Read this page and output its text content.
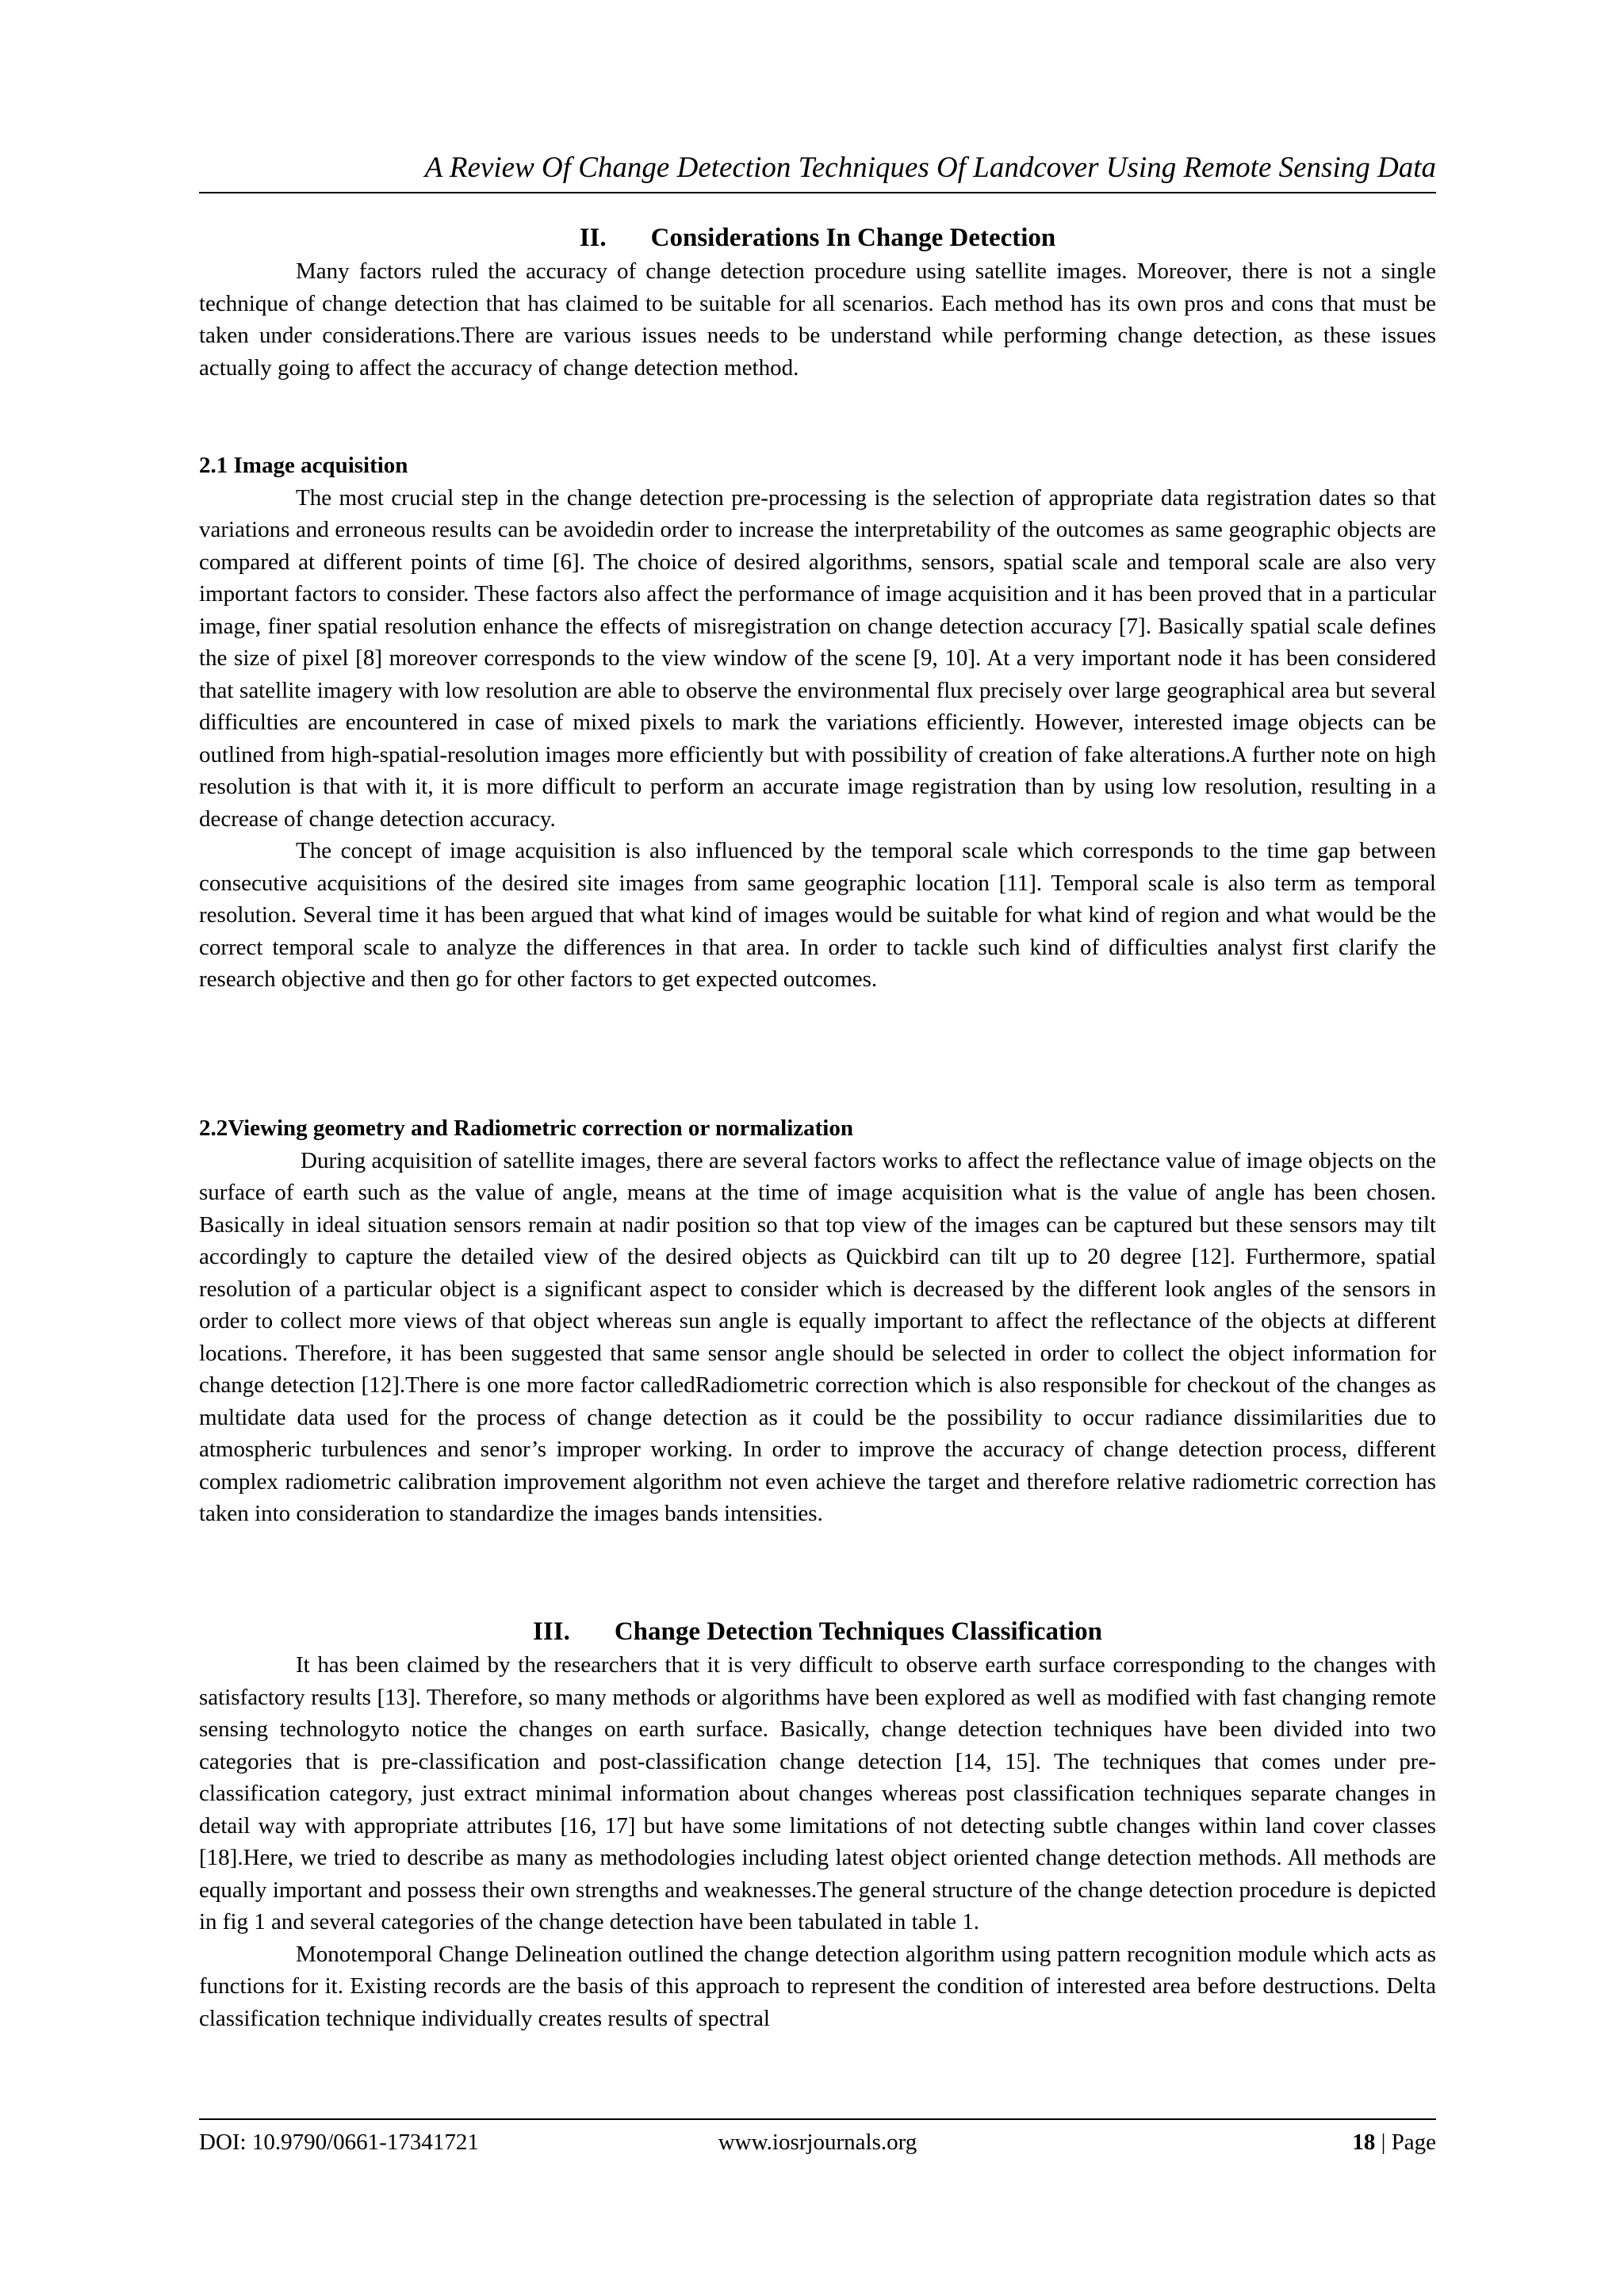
A Review Of Change Detection Techniques Of Landcover Using Remote Sensing Data
II. Considerations In Change Detection

Many factors ruled the accuracy of change detection procedure using satellite images. Moreover, there is not a single technique of change detection that has claimed to be suitable for all scenarios. Each method has its own pros and cons that must be taken under considerations.There are various issues needs to be understand while performing change detection, as these issues actually going to affect the accuracy of change detection method.

2.1 Image acquisition

The most crucial step in the change detection pre-processing is the selection of appropriate data registration dates so that variations and erroneous results can be avoidedin order to increase the interpretability of the outcomes as same geographic objects are compared at different points of time [6]. The choice of desired algorithms, sensors, spatial scale and temporal scale are also very important factors to consider. These factors also affect the performance of image acquisition and it has been proved that in a particular image, finer spatial resolution enhance the effects of misregistration on change detection accuracy [7]. Basically spatial scale defines the size of pixel [8] moreover corresponds to the view window of the scene [9, 10]. At a very important node it has been considered that satellite imagery with low resolution are able to observe the environmental flux precisely over large geographical area but several difficulties are encountered in case of mixed pixels to mark the variations efficiently. However, interested image objects can be outlined from high-spatial-resolution images more efficiently but with possibility of creation of fake alterations.A further note on high resolution is that with it, it is more difficult to perform an accurate image registration than by using low resolution, resulting in a decrease of change detection accuracy.

The concept of image acquisition is also influenced by the temporal scale which corresponds to the time gap between consecutive acquisitions of the desired site images from same geographic location [11]. Temporal scale is also term as temporal resolution. Several time it has been argued that what kind of images would be suitable for what kind of region and what would be the correct temporal scale to analyze the differences in that area. In order to tackle such kind of difficulties analyst first clarify the research objective and then go for other factors to get expected outcomes.

2.2Viewing geometry and Radiometric correction or normalization

During acquisition of satellite images, there are several factors works to affect the reflectance value of image objects on the surface of earth such as the value of angle, means at the time of image acquisition what is the value of angle has been chosen. Basically in ideal situation sensors remain at nadir position so that top view of the images can be captured but these sensors may tilt accordingly to capture the detailed view of the desired objects as Quickbird can tilt up to 20 degree [12]. Furthermore, spatial resolution of a particular object is a significant aspect to consider which is decreased by the different look angles of the sensors in order to collect more views of that object whereas sun angle is equally important to affect the reflectance of the objects at different locations. Therefore, it has been suggested that same sensor angle should be selected in order to collect the object information for change detection [12].There is one more factor calledRadiometric correction which is also responsible for checkout of the changes as multidate data used for the process of change detection as it could be the possibility to occur radiance dissimilarities due to atmospheric turbulences and senor’s improper working. In order to improve the accuracy of change detection process, different complex radiometric calibration improvement algorithm not even achieve the target and therefore relative radiometric correction has taken into consideration to standardize the images bands intensities.

III. Change Detection Techniques Classification

It has been claimed by the researchers that it is very difficult to observe earth surface corresponding to the changes with satisfactory results [13]. Therefore, so many methods or algorithms have been explored as well as modified with fast changing remote sensing technologyto notice the changes on earth surface. Basically, change detection techniques have been divided into two categories that is pre-classification and post-classification change detection [14, 15]. The techniques that comes under pre-classification category, just extract minimal information about changes whereas post classification techniques separate changes in detail way with appropriate attributes [16, 17] but have some limitations of not detecting subtle changes within land cover classes [18].Here, we tried to describe as many as methodologies including latest object oriented change detection methods. All methods are equally important and possess their own strengths and weaknesses.The general structure of the change detection procedure is depicted in fig 1 and several categories of the change detection have been tabulated in table 1.

Monotemporal Change Delineation outlined the change detection algorithm using pattern recognition module which acts as functions for it. Existing records are the basis of this approach to represent the condition of interested area before destructions. Delta classification technique individually creates results of spectral

DOI: 10.9790/0661-17341721	www.iosrjournals.org	18 | Page
